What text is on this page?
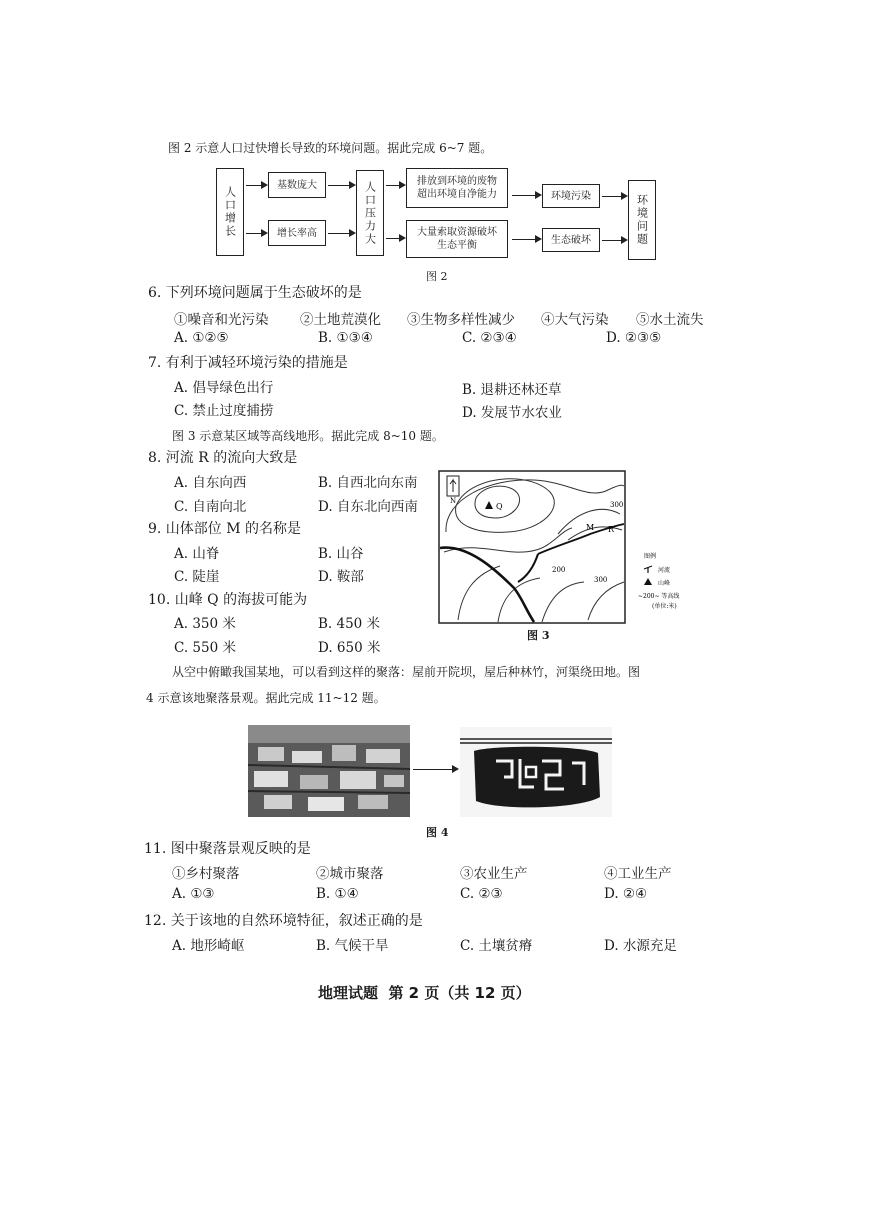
图 2 示意人口过快增长导致的环境问题。据此完成 6~7 题。
人口增长
基数庞大
增长率高	人口压力大	排放到环境的废物超出环境自净能力
大量索取资源破坏生态平衡
环境污染
生态破坏	环境问题
图 2
6. 下列环境问题属于生态破坏的是
①噪音和光污染 ②土地荒漠化 ③生物多样性减少 ④大气污染 ⑤水土流失
A. ①②⑤	B. ①③④	C. ②③④	D. ②③⑤
7. 有利于减轻环境污染的措施是
A. 倡导绿色出行	B. 退耕还林还草
C. 禁止过度捕捞	D. 发展节水农业
图 3 示意某区域等高线地形。据此完成 8~10 题。
8. 河流 R 的流向大致是
A. 自东向西	B. 自西北向东南
C. 自南向北	D. 自东北向西南
9. 山体部位 M 的名称是
A. 山脊	B. 山谷
C. 陡崖	D. 鞍部
10. 山峰 Q 的海拔可能为
A. 350 米	B. 450 米
C. 550 米	D. 650 米
N
Q
M R
300
200
300
图例
河流
山峰
~200~ 等高线
(单位:米)
图 3
从空中俯瞰我国某地，可以看到这样的聚落：屋前开院坝，屋后种林竹，河渠绕田地。图
4 示意该地聚落景观。据此完成 11~12 题。
图 4
11. 图中聚落景观反映的是
①乡村聚落	②城市聚落	③农业生产	④工业生产
A. ①③	B. ①④	C. ②③	D. ②④
12. 关于该地的自然环境特征，叙述正确的是
A. 地形崎岖	B. 气候干旱	C. 土壤贫瘠	D. 水源充足
地理试题  第 2 页（共 12 页）
